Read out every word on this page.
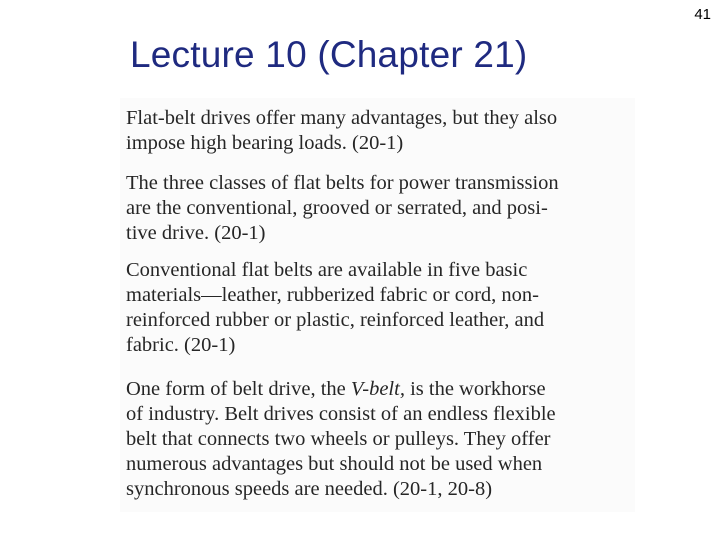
41
Lecture 10 (Chapter 21)
Flat-belt drives offer many advantages, but they also
impose high bearing loads. (20-1)
The three classes of flat belts for power transmission
are the conventional, grooved or serrated, and posi-
tive drive. (20-1)
Conventional flat belts are available in five basic
materials—leather, rubberized fabric or cord, non-
reinforced rubber or plastic, reinforced leather, and
fabric. (20-1)
One form of belt drive, the V-belt, is the workhorse
of industry. Belt drives consist of an endless flexible
belt that connects two wheels or pulleys. They offer
numerous advantages but should not be used when
synchronous speeds are needed. (20-1, 20-8)
